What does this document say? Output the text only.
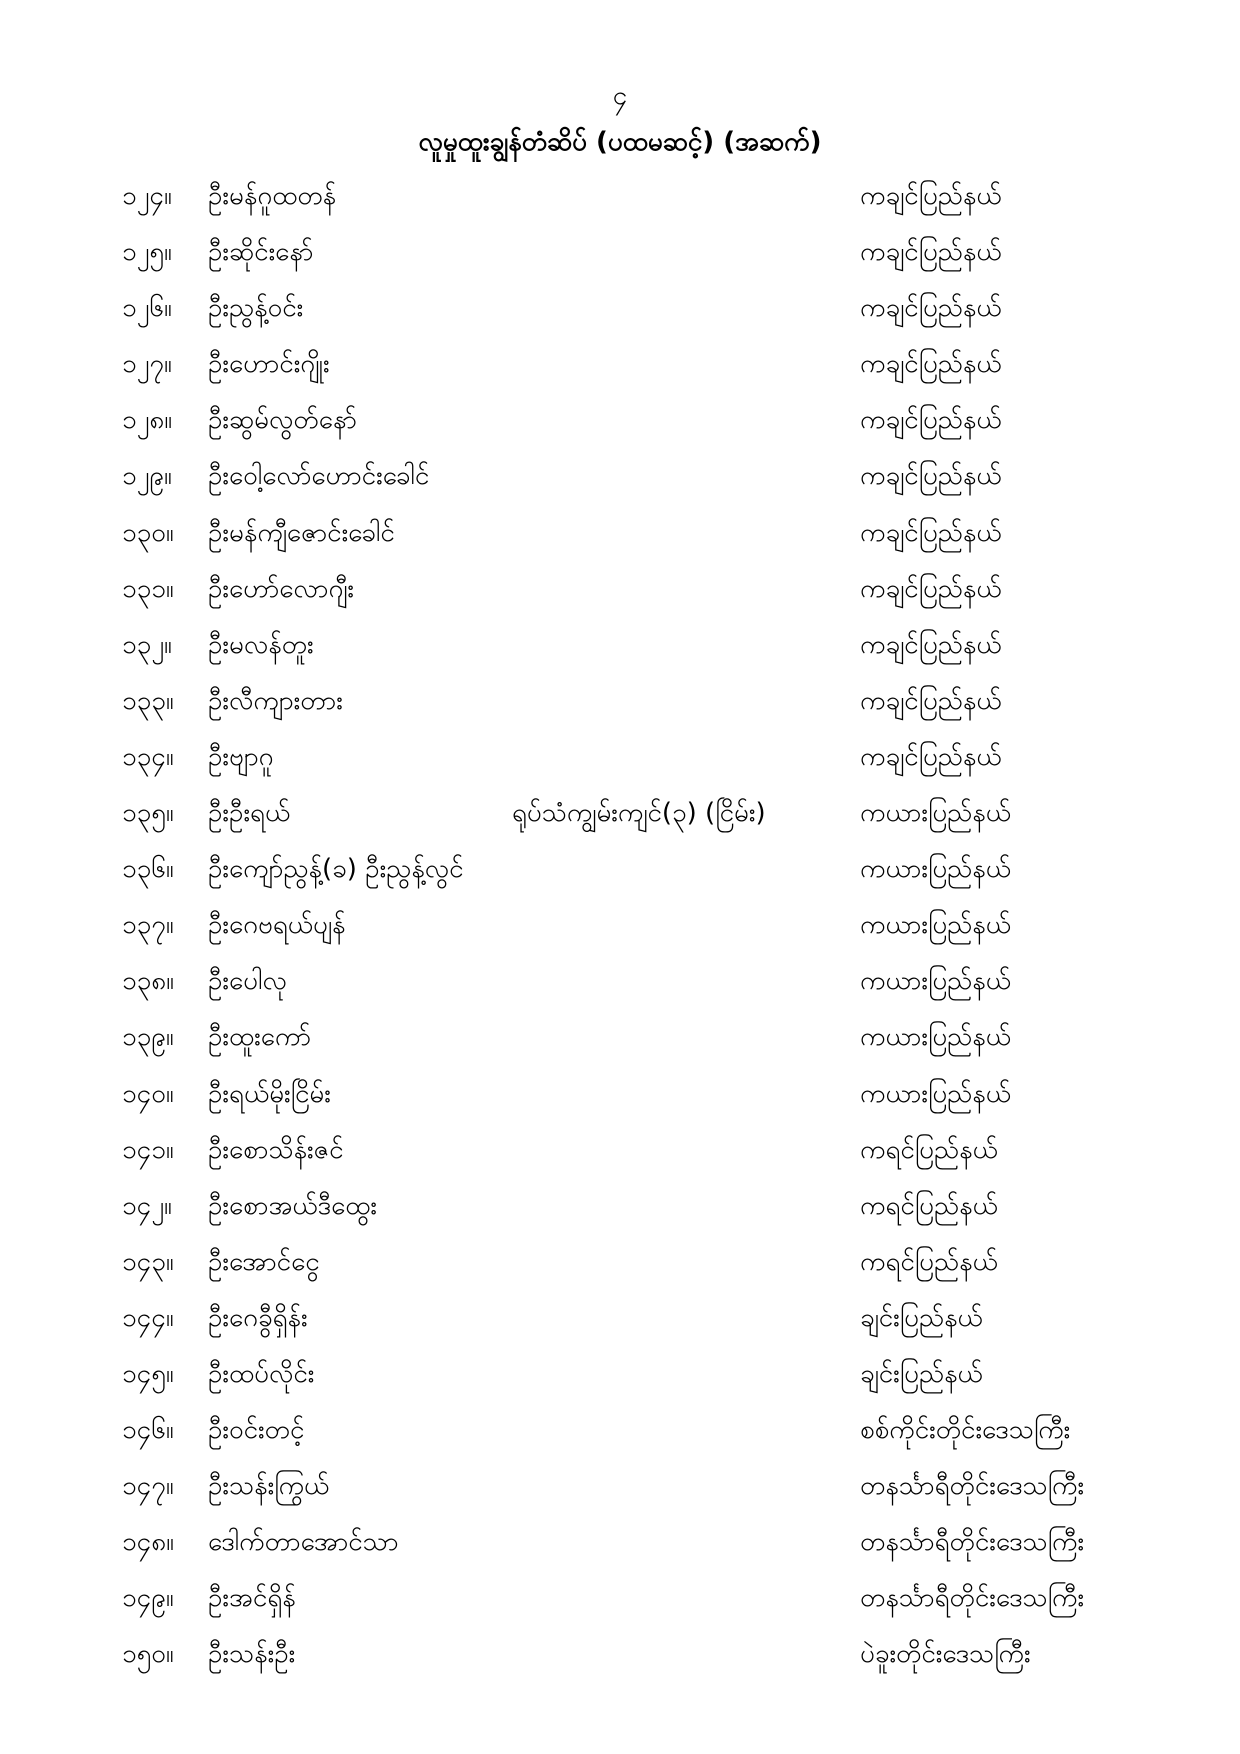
၄
လူမှုထူးချွန်တံဆိပ် (ပထမဆင့်) (အဆက်)
၁၂၄။ ဦးမန်ဂူထတန်	ကချင်ပြည်နယ်
၁၂၅။ ဦးဆိုင်းနော်	ကချင်ပြည်နယ်
၁၂၆။ ဦးညွန့်ဝင်း	ကချင်ပြည်နယ်
၁၂၇။ ဦးဟောင်းဂျိုး	ကချင်ပြည်နယ်
၁၂၈။ ဦးဆွမ်လွတ်နော်	ကချင်ပြည်နယ်
၁၂၉။ ဦးဝေါ့လော်ဟောင်းခေါင်	ကချင်ပြည်နယ်
၁၃၀။ ဦးမန်ကျီဇောင်းခေါင်	ကချင်ပြည်နယ်
၁၃၁။ ဦးဟော်လောဂျီး	ကချင်ပြည်နယ်
၁၃၂။ ဦးမလန်တူး	ကချင်ပြည်နယ်
၁၃၃။ ဦးလီကျားတား	ကချင်ပြည်နယ်
၁၃၄။ ဦးဗျာဂူ	ကချင်ပြည်နယ်
၁၃၅။ ဦးဦးရယ်	ရုပ်သံကျွမ်းကျင်(၃) (ငြိမ်း)	ကယားပြည်နယ်
၁၃၆။ ဦးကျော်ညွန့်(ခ) ဦးညွန့်လွင်	ကယားပြည်နယ်
၁၃၇။ ဦးဂေဗရယ်ပျန်	ကယားပြည်နယ်
၁၃၈။ ဦးပေါလု	ကယားပြည်နယ်
၁၃၉။ ဦးထူးကော်	ကယားပြည်နယ်
၁၄၀။ ဦးရယ်မိုးငြိမ်း	ကယားပြည်နယ်
၁၄၁။ ဦးစောသိန်းဇင်	ကရင်ပြည်နယ်
၁၄၂။ ဦးစောအယ်ဒီထွေး	ကရင်ပြည်နယ်
၁၄၃။ ဦးအောင်ငွေ	ကရင်ပြည်နယ်
၁၄၄။ ဦးဂေခွီရှိန်း	ချင်းပြည်နယ်
၁၄၅။ ဦးထပ်လိုင်း	ချင်းပြည်နယ်
၁၄၆။ ဦးဝင်းတင့်	စစ်ကိုင်းတိုင်းဒေသကြီး
၁၄၇။ ဦးသန်းကြွယ်	တနင်္သာရီတိုင်းဒေသကြီး
၁၄၈။ ဒေါက်တာအောင်သာ	တနင်္သာရီတိုင်းဒေသကြီး
၁၄၉။ ဦးအင်ရှိန်	တနင်္သာရီတိုင်းဒေသကြီး
၁၅၀။ ဦးသန်းဦး	ပဲခူးတိုင်းဒေသကြီး
